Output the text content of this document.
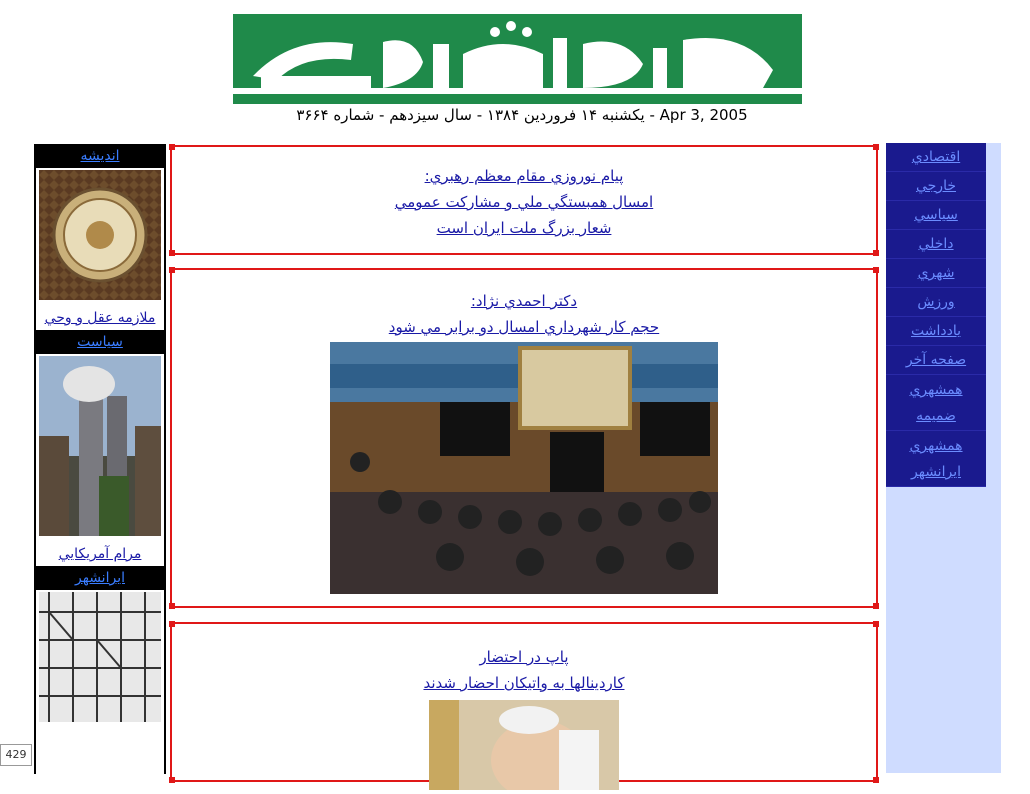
Apr 3, 2005 - يكشنبه ۱۴ فروردين ۱۳۸۴ - سال سيزدهم - شماره ۳۶۶۴
انديشه
ملازمه عقل و وحي
سياست
مرام آمريكايي
ايرانشهر
پيام نوروزي مقام معظم رهبري:
امسال همبستگي ملي و مشاركت عمومي
شعار بزرگ ملت ايران است
دكتر احمدي نژاد:
حجم كار شهرداري امسال دو برابر مي شود
پاپ در احتضار
كاردينالها به واتيكان احضار شدند
اقتصادي
خارجي
سياسي
داخلي
شهري
ورزش
يادداشت
صفحه آخر
همشهري
ضميمه
همشهري
ايرانشهر
429
